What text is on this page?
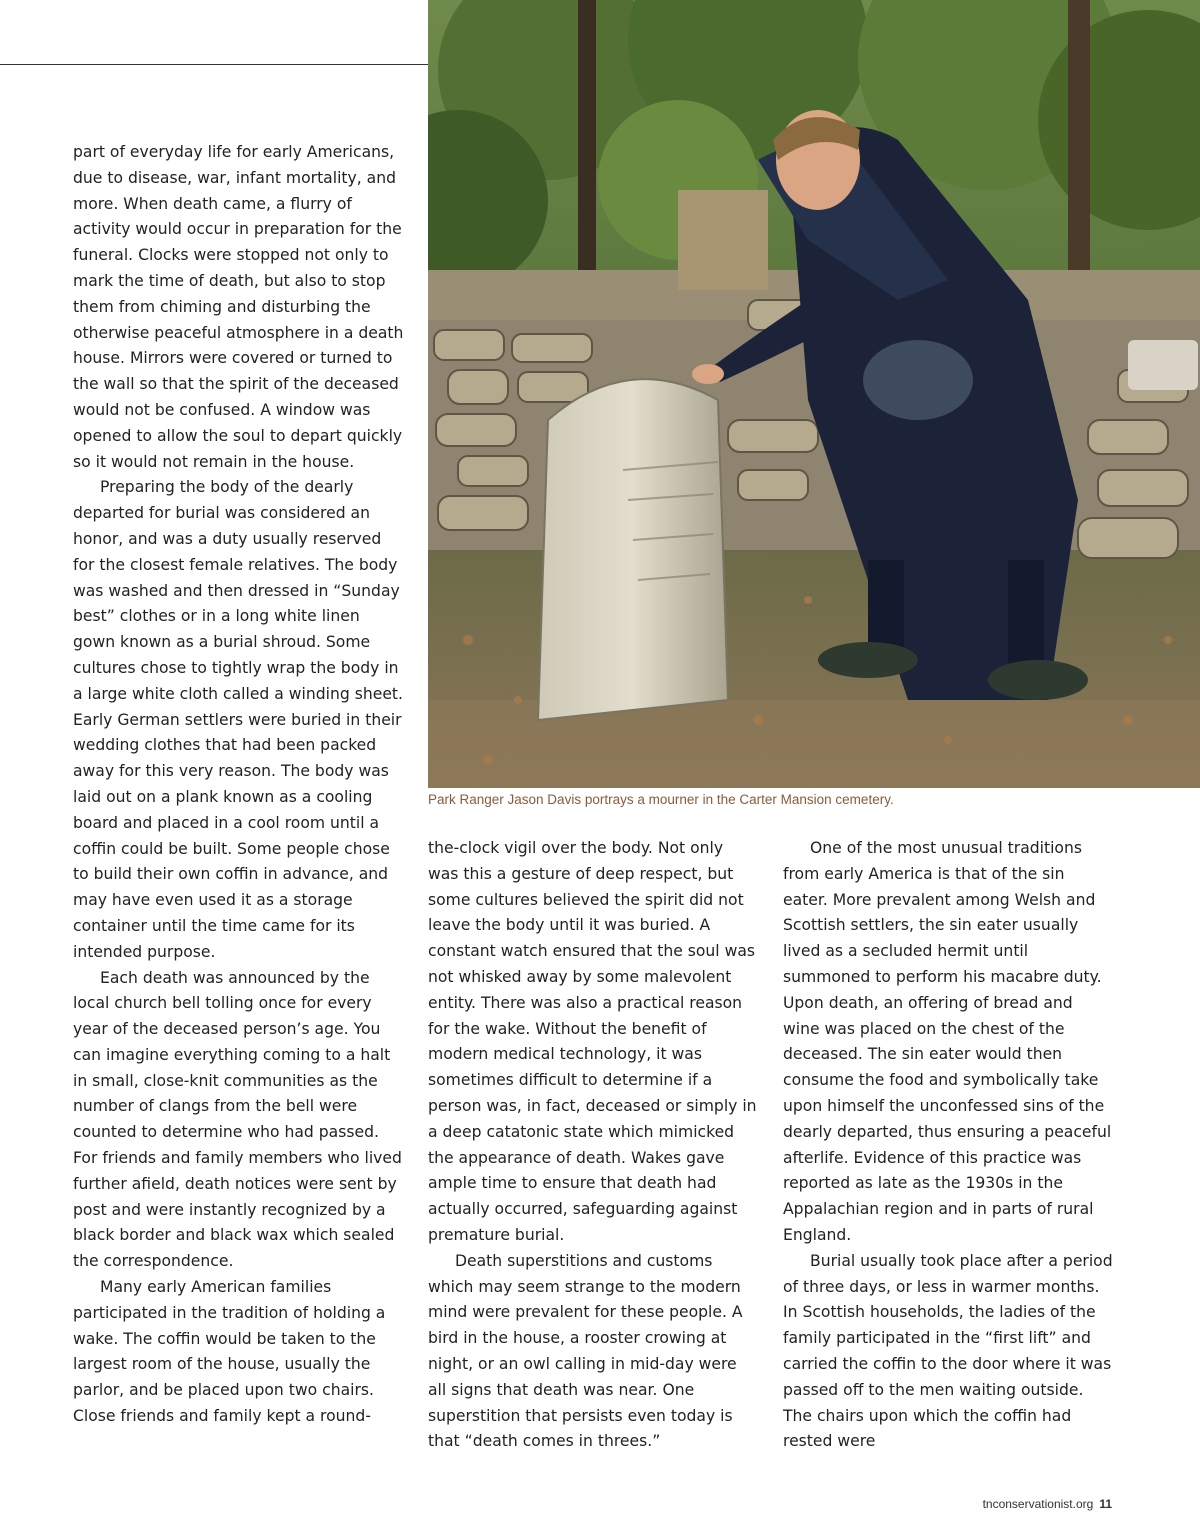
Park Ranger Jason Davis portrays a mourner in the Carter Mansion cemetery.

part of everyday life for early Americans, due to disease, war, infant mortality, and more. When death came, a flurry of activity would occur in preparation for the funeral. Clocks were stopped not only to mark the time of death, but also to stop them from chiming and disturbing the otherwise peaceful atmosphere in a death house. Mirrors were covered or turned to the wall so that the spirit of the deceased would not be confused. A window was opened to allow the soul to depart quickly so it would not remain in the house.

Preparing the body of the dearly departed for burial was considered an honor, and was a duty usually reserved for the closest female relatives. The body was washed and then dressed in “Sunday best” clothes or in a long white linen gown known as a burial shroud. Some cultures chose to tightly wrap the body in a large white cloth called a winding sheet. Early German settlers were buried in their wedding clothes that had been packed away for this very reason. The body was laid out on a plank known as a cooling board and placed in a cool room until a coffin could be built. Some people chose to build their own coffin in advance, and may have even used it as a storage container until the time came for its intended purpose.

Each death was announced by the local church bell tolling once for every year of the deceased person’s age. You can imagine everything coming to a halt in small, close-knit communities as the number of clangs from the bell were counted to determine who had passed. For friends and family members who lived further afield, death notices were sent by post and were instantly recognized by a black border and black wax which sealed the correspondence.

Many early American families participated in the tradition of holding a wake. The coffin would be taken to the largest room of the house, usually the parlor, and be placed upon two chairs. Close friends and family kept a round-

the-clock vigil over the body. Not only was this a gesture of deep respect, but some cultures believed the spirit did not leave the body until it was buried. A constant watch ensured that the soul was not whisked away by some malevolent entity. There was also a practical reason for the wake. Without the benefit of modern medical technology, it was sometimes difficult to determine if a person was, in fact, deceased or simply in a deep catatonic state which mimicked the appearance of death. Wakes gave ample time to ensure that death had actually occurred, safeguarding against premature burial.

Death superstitions and customs which may seem strange to the modern mind were prevalent for these people. A bird in the house, a rooster crowing at night, or an owl calling in mid-day were all signs that death was near. One superstition that persists even today is that “death comes in threes.”

One of the most unusual traditions from early America is that of the sin eater. More prevalent among Welsh and Scottish settlers, the sin eater usually lived as a secluded hermit until summoned to perform his macabre duty. Upon death, an offering of bread and wine was placed on the chest of the deceased. The sin eater would then consume the food and symbolically take upon himself the unconfessed sins of the dearly departed, thus ensuring a peaceful afterlife. Evidence of this practice was reported as late as the 1930s in the Appalachian region and in parts of rural England.

Burial usually took place after a period of three days, or less in warmer months. In Scottish households, the ladies of the family participated in the “first lift” and carried the coffin to the door where it was passed off to the men waiting outside. The chairs upon which the coffin had rested were

tnconservationist.org 11
